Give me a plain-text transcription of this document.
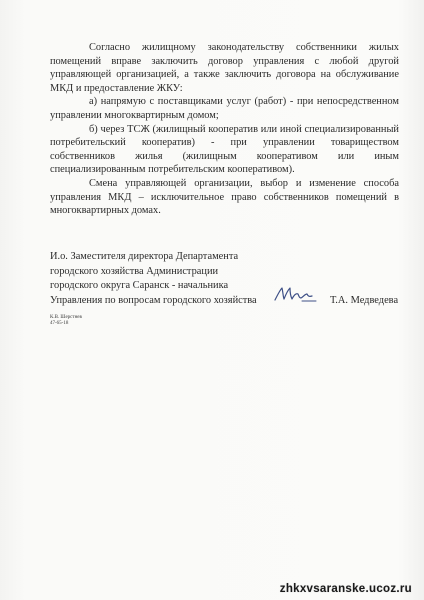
Согласно жилищному законодательству собственники жилых помещений вправе заключить договор управления с любой другой управляющей организацией, а также заключить договора на обслуживание МКД и предоставление ЖКУ:

а) напрямую с поставщиками услуг (работ) - при непосредственном управлении многоквартирным домом;

б) через ТСЖ (жилищный кооператив или иной специализированный потребительский кооператив) - при управлении товариществом собственников жилья (жилищным кооперативом или иным специализированным потребительским кооперативом).

Смена управляющей организации, выбор и изменение способа управления МКД – исключительное право собственников помещений в многоквартирных домах.

И.о. Заместителя директора Департамента
городского хозяйства Администрации
городского округа Саранск - начальника
Управления по вопросам городского хозяйства	Т.А. Медведева
К.В. Шерстнев
47-65-18
zhkxvsaranske.ucoz.ru
